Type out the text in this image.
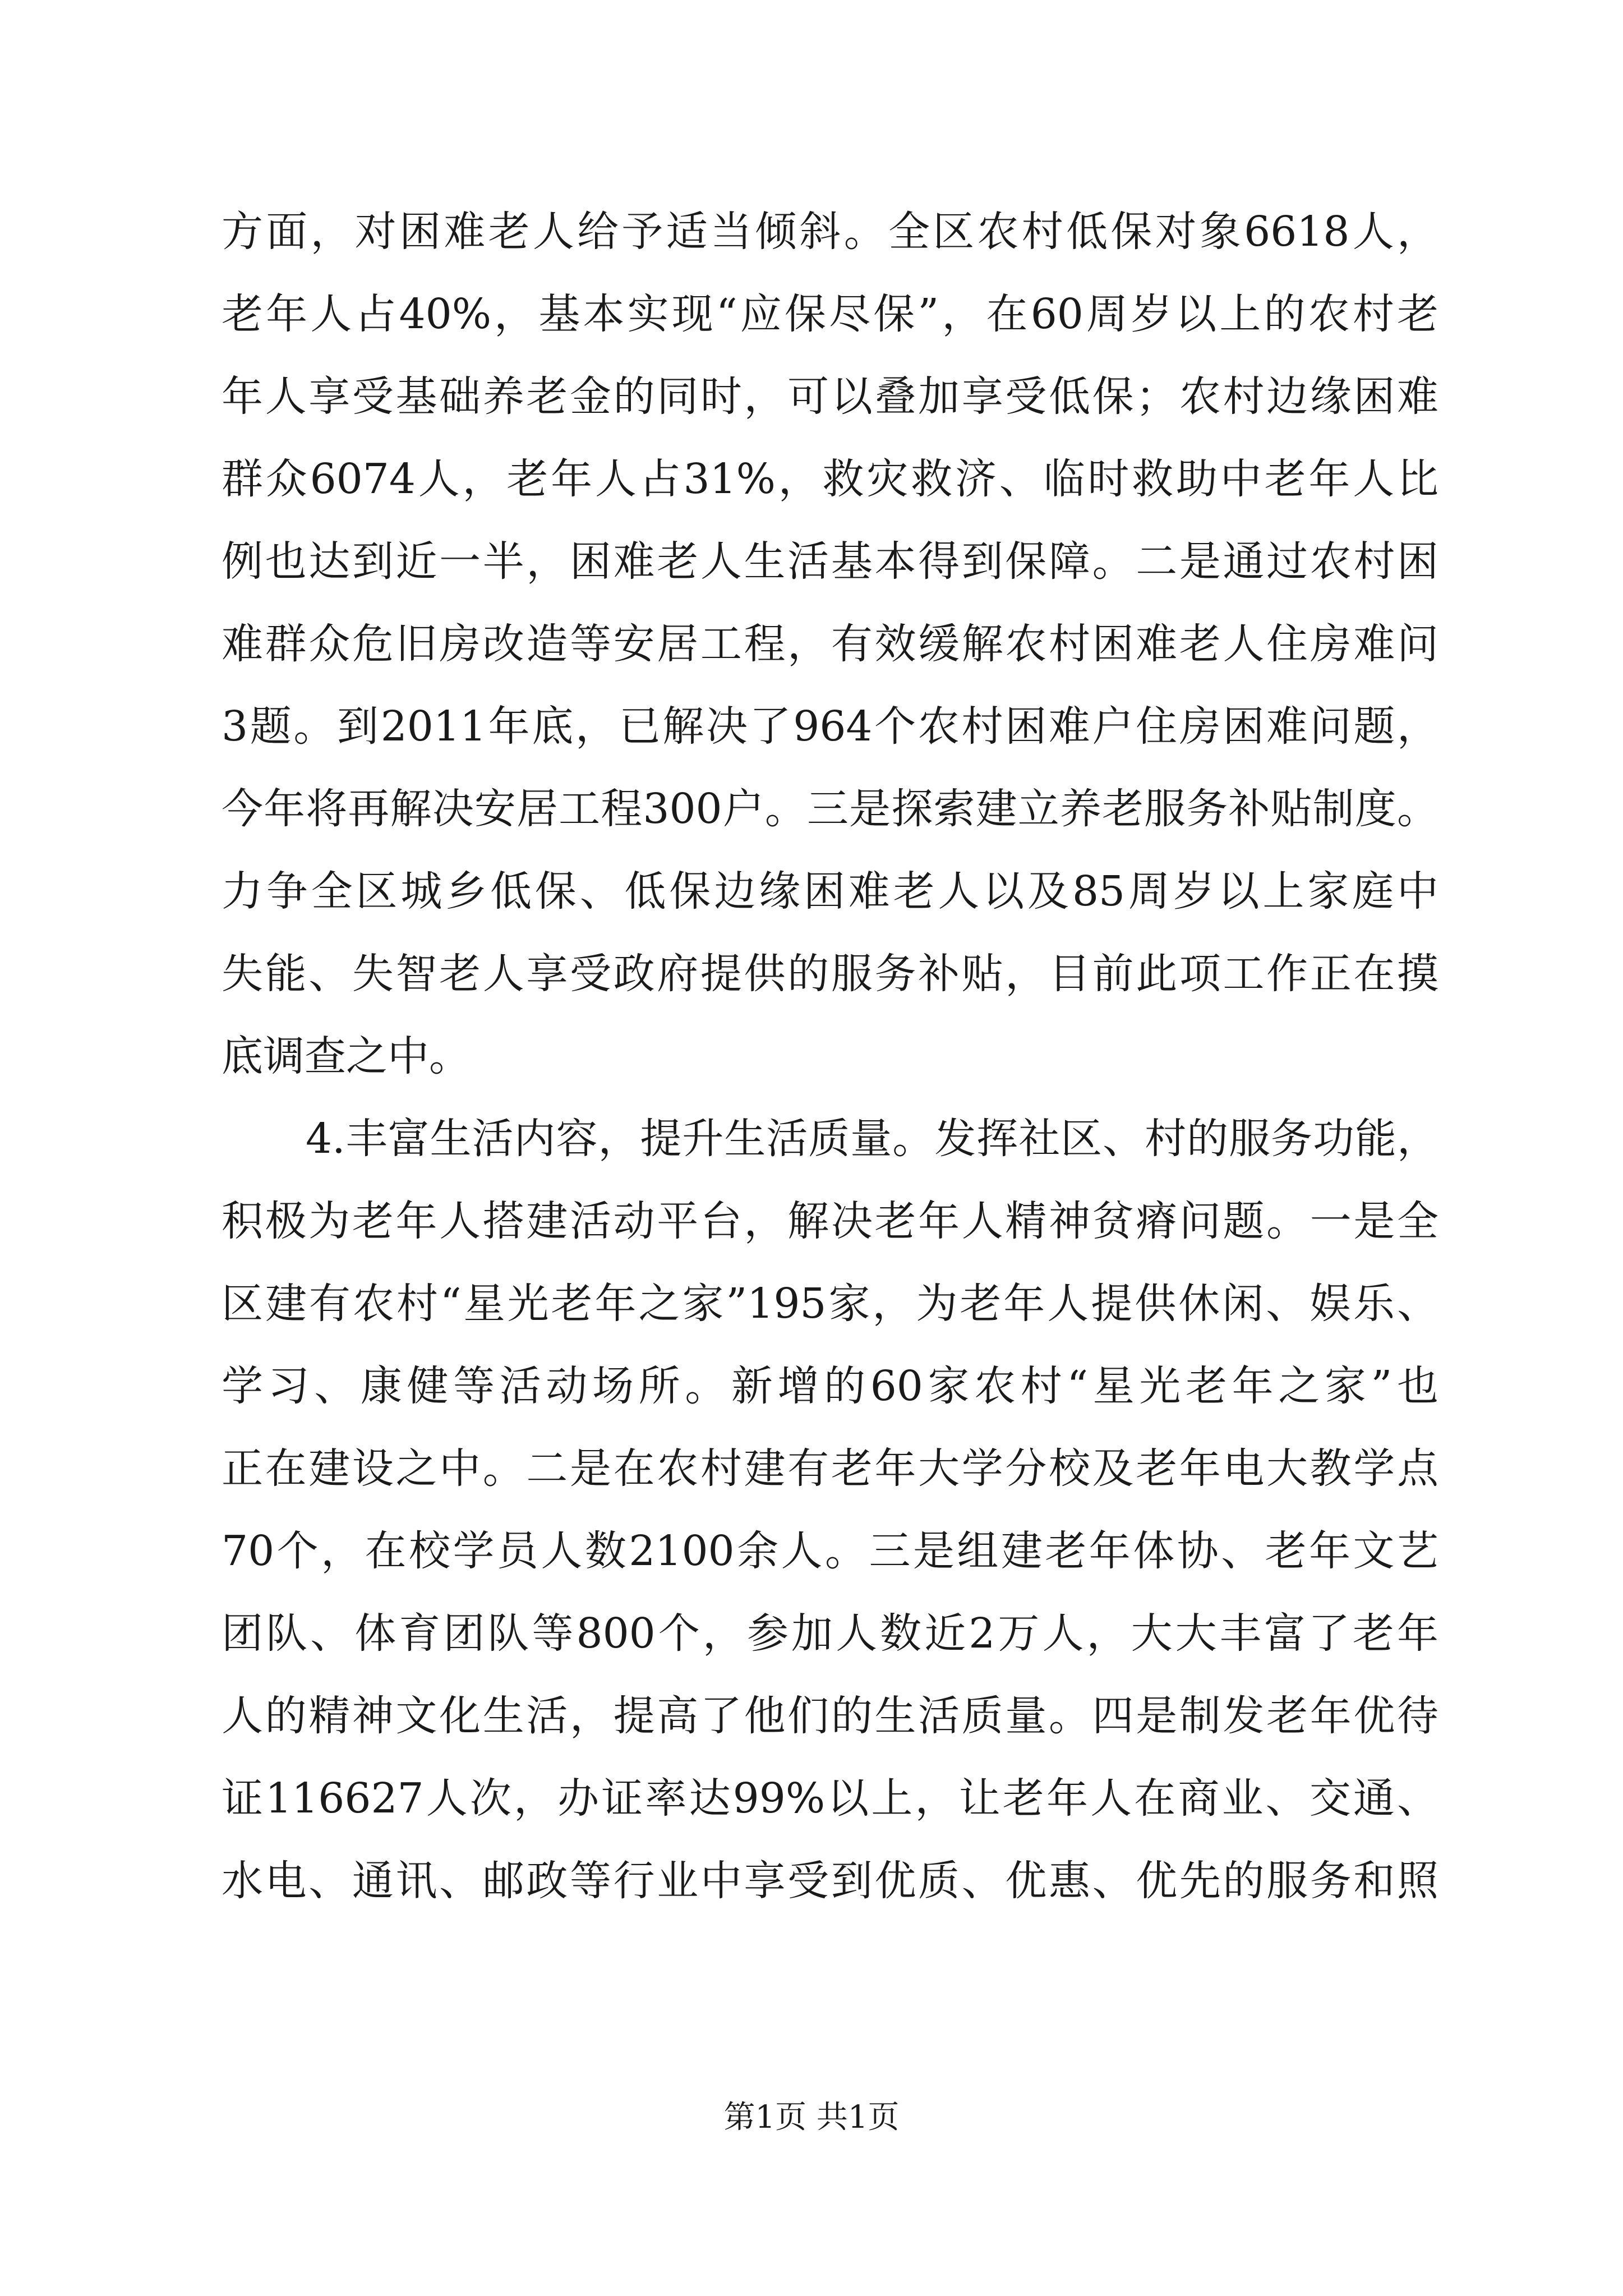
方面，对困难老人给予适当倾斜。全区农村低保对象6618人，
老年人占40%，基本实现“应保尽保”，在60周岁以上的农村老
年人享受基础养老金的同时，可以叠加享受低保；农村边缘困难
群众6074人，老年人占31%，救灾救济、临时救助中老年人比
例也达到近一半，困难老人生活基本得到保障。二是通过农村困
难群众危旧房改造等安居工程，有效缓解农村困难老人住房难问
3题。到2011年底，已解决了964个农村困难户住房困难问题，
今年将再解决安居工程300户。三是探索建立养老服务补贴制度。
力争全区城乡低保、低保边缘困难老人以及85周岁以上家庭中
失能、失智老人享受政府提供的服务补贴，目前此项工作正在摸
底调查之中。
4.丰富生活内容，提升生活质量。发挥社区、村的服务功能，
积极为老年人搭建活动平台，解决老年人精神贫瘠问题。一是全
区建有农村“星光老年之家”195家，为老年人提供休闲、娱乐、
学习、康健等活动场所。新增的60家农村“星光老年之家”也
正在建设之中。二是在农村建有老年大学分校及老年电大教学点
70个，在校学员人数2100余人。三是组建老年体协、老年文艺
团队、体育团队等800个，参加人数近2万人，大大丰富了老年
人的精神文化生活，提高了他们的生活质量。四是制发老年优待
证116627人次，办证率达99%以上，让老年人在商业、交通、
水电、通讯、邮政等行业中享受到优质、优惠、优先的服务和照
第1页 共1页
